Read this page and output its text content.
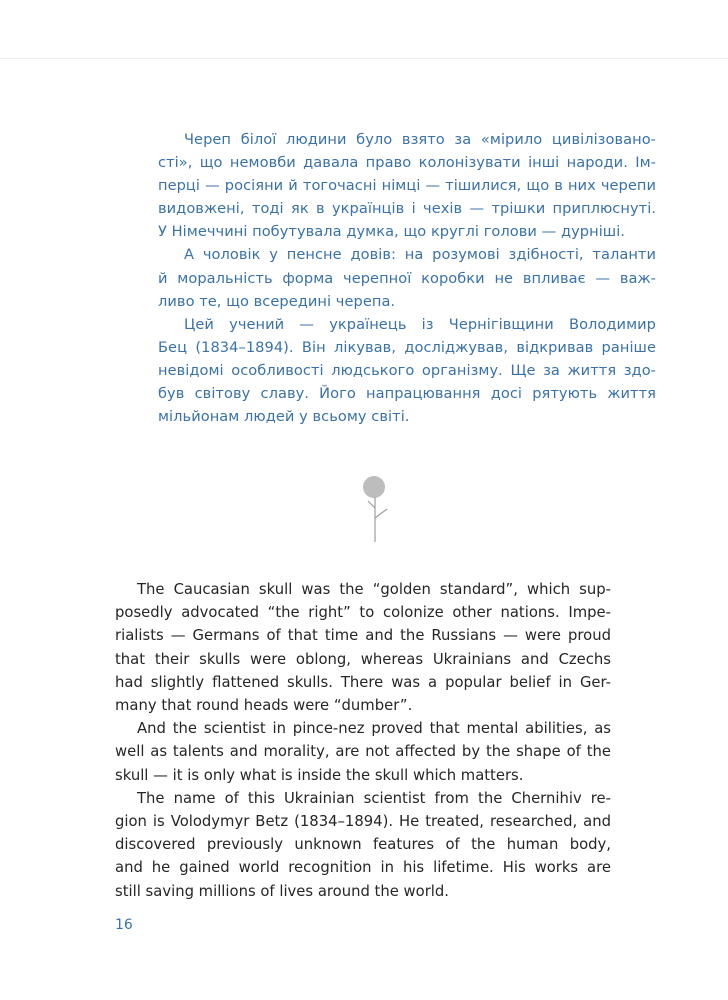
Череп білої людини було взято за «мірило цивілізовано-
сті», що немовби давала право колонізувати інші народи. Ім-
перці — росіяни й тогочасні німці — тішилися, що в них черепи
видовжені, тоді як в українців і чехів — трішки приплюснуті.
У Німеччині побутувала думка, що круглі голови — дурніші.
А чоловік у пенсне довів: на розумові здібності, таланти
й моральність форма черепної коробки не впливає — важ-
ливо те, що всередині черепа.
Цей учений — українець із Чернігівщини Володимир
Бец (1834–1894). Він лікував, досліджував, відкривав раніше
невідомі особливості людського організму. Ще за життя здо-
був світову славу. Його напрацювання досі рятують життя
мільйонам людей у всьому світі.
The Caucasian skull was the “golden standard”, which sup-
posedly advocated “the right” to colonize other nations. Impe-
rialists — Germans of that time and the Russians — were proud
that their skulls were oblong, whereas Ukrainians and Czechs
had slightly flattened skulls. There was a popular belief in Ger-
many that round heads were “dumber”.
And the scientist in pince-nez proved that mental abilities, as
well as talents and morality, are not affected by the shape of the
skull — it is only what is inside the skull which matters.
The name of this Ukrainian scientist from the Chernihiv re-
gion is Volodymyr Betz (1834–1894). He treated, researched, and
discovered previously unknown features of the human body,
and he gained world recognition in his lifetime. His works are
still saving millions of lives around the world.
16
